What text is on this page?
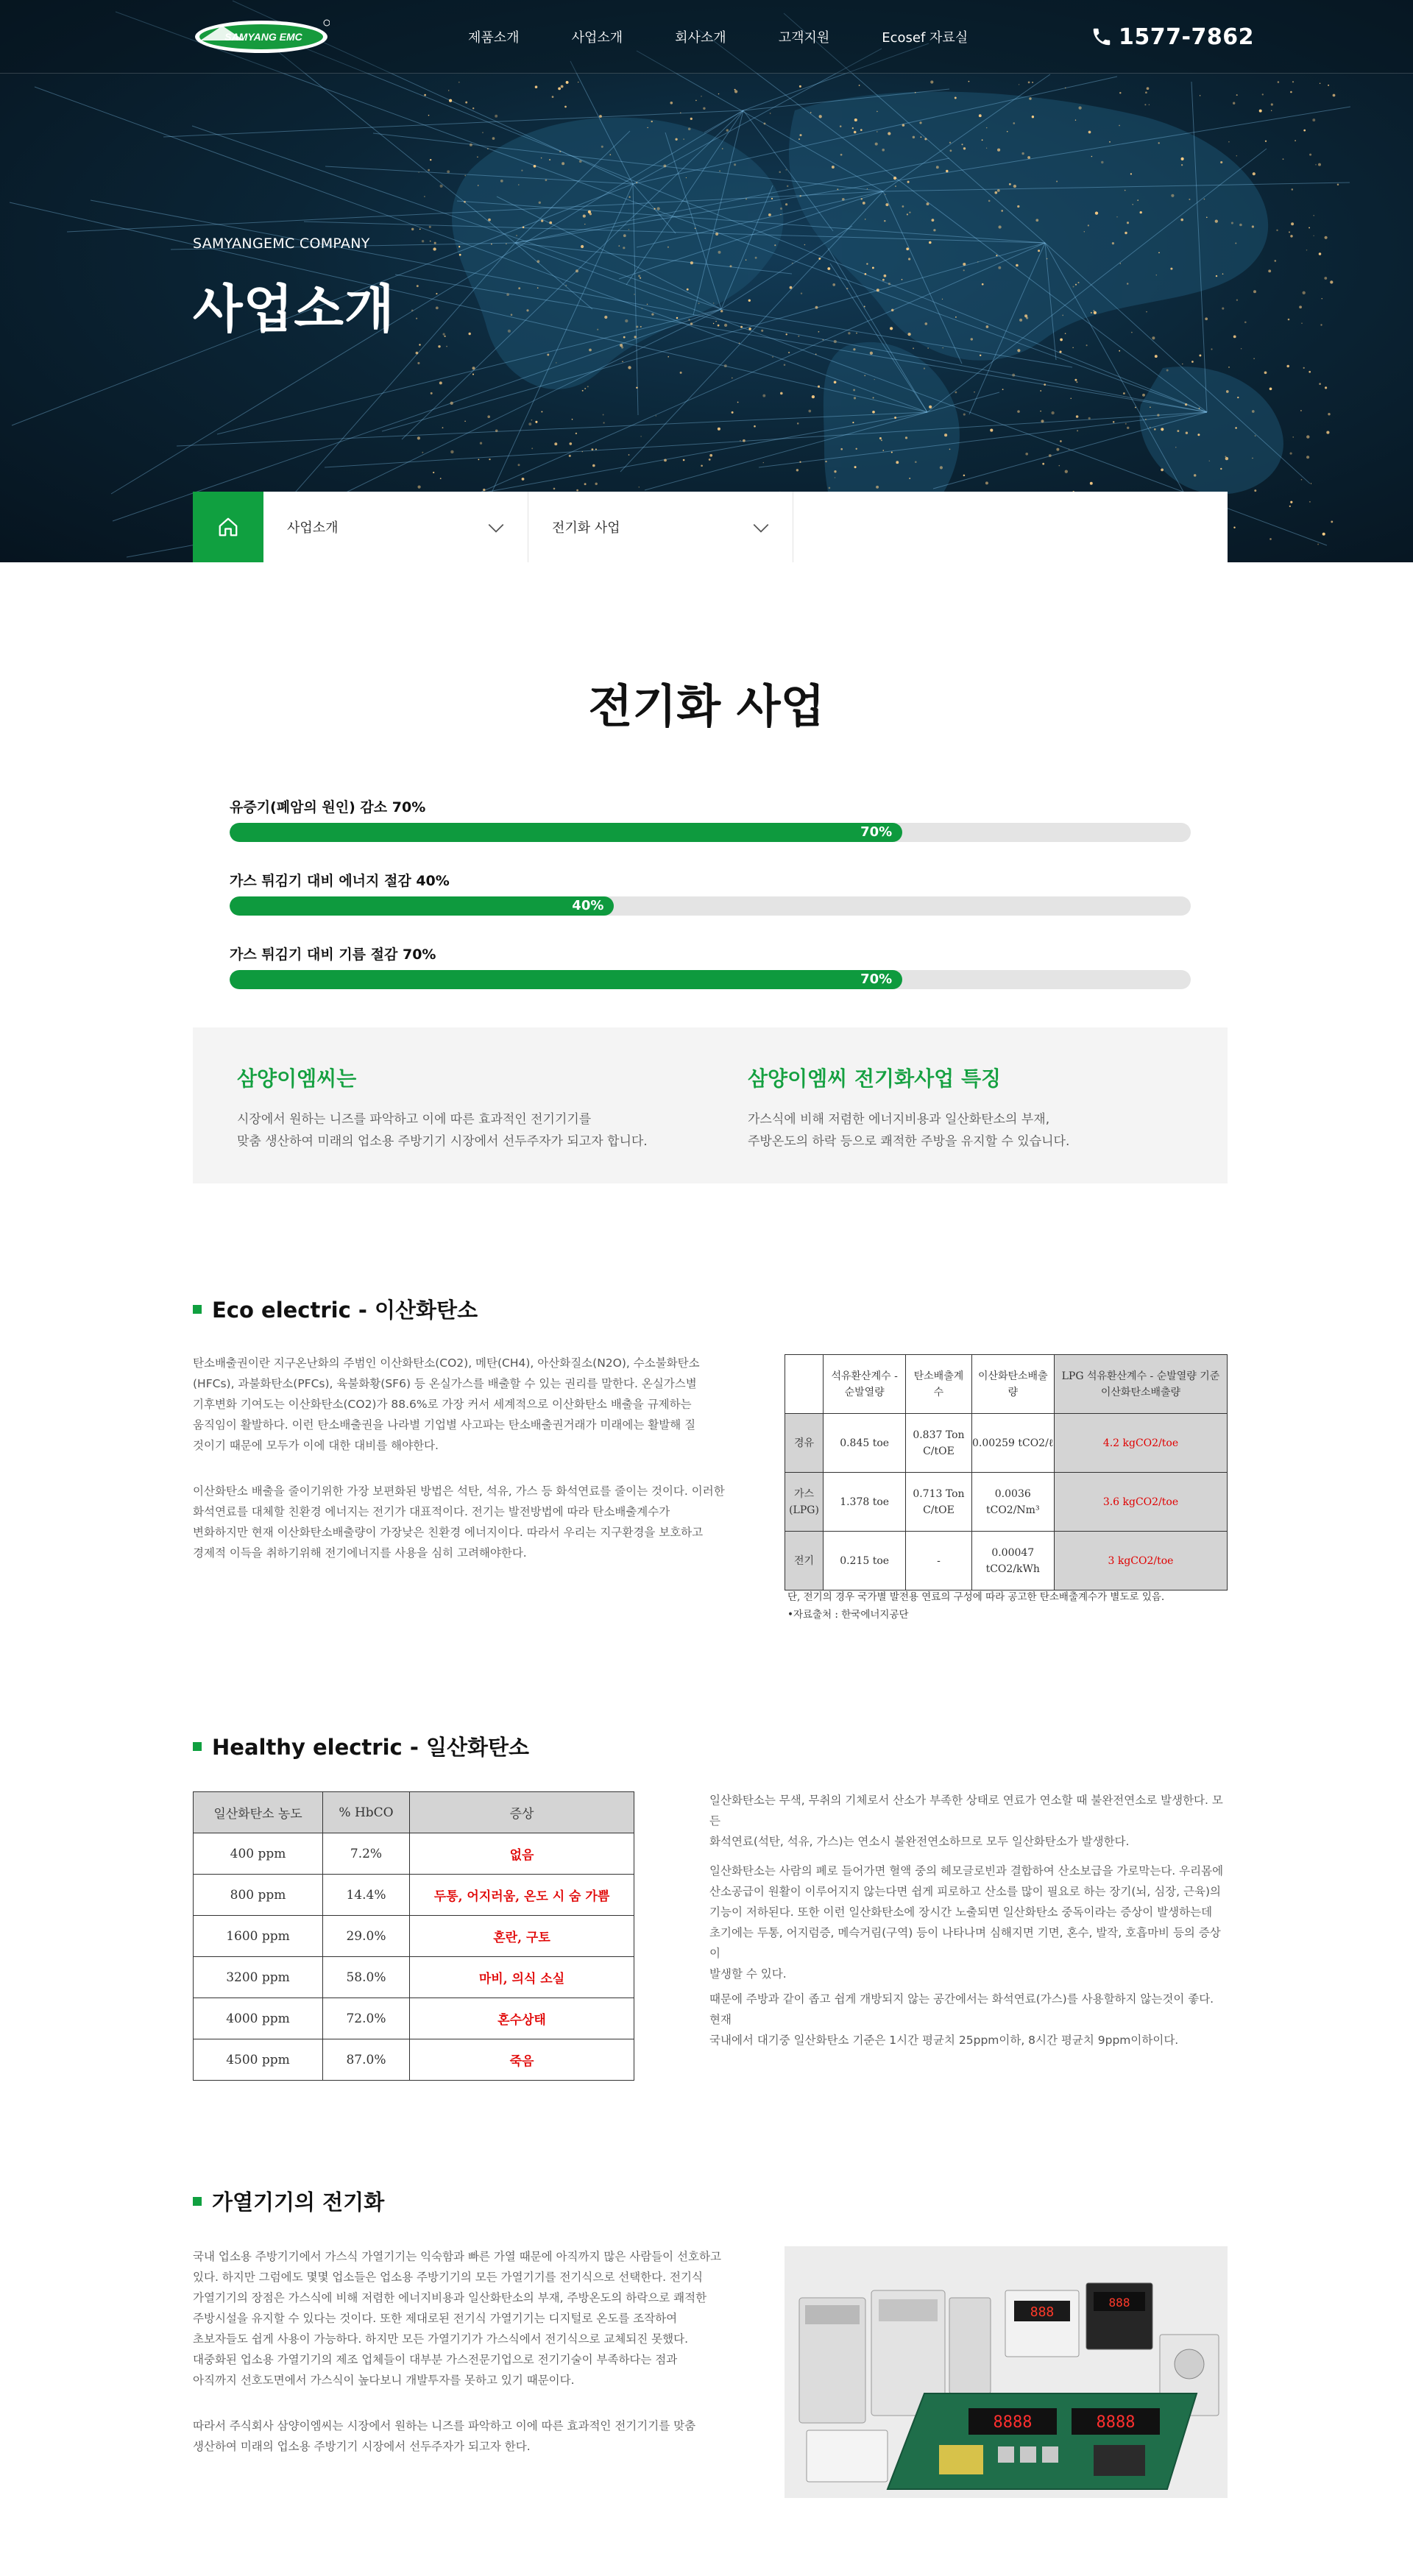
SAMYANG EMC	제품소개	사업소개	회사소개	고객지원	Ecosef 자료실	1577-7862
SAMYANGEMC COMPANY
사업소개
사업소개	전기화 사업
전기화 사업
유증기(폐암의 원인) 감소 70%
70%
가스 튀김기 대비 에너지 절감 40%
40%
가스 튀김기 대비 기름 절감 70%
70%
삼양이엠씨는

시장에서 원하는 니즈를 파악하고 이에 따른 효과적인 전기기기를

맞춤 생산하여 미래의 업소용 주방기기 시장에서 선두주자가 되고자 합니다.

삼양이엠씨 전기화사업 특징

가스식에 비해 저렴한 에너지비용과 일산화탄소의 부재,

주방온도의 하락 등으로 쾌적한 주방을 유지할 수 있습니다.

Eco electric - 이산화탄소
탄소배출권이란 지구온난화의 주범인 이산화탄소(CO2), 메탄(CH4), 아산화질소(N2O), 수소불화탄소
(HFCs), 과불화탄소(PFCs), 육불화황(SF6) 등 온실가스를 배출할 수 있는 권리를 말한다. 온실가스별
기후변화 기여도는 이산화탄소(CO2)가 88.6%로 가장 커서 세계적으로 이산화탄소 배출을 규제하는
움직임이 활발하다. 이런 탄소배출권을 나라별 기업별 사고파는 탄소배출권거래가 미래에는 활발해 질
것이기 때문에 모두가 이에 대한 대비를 해야한다.
이산화탄소 배출을 줄이기위한 가장 보편화된 방법은 석탄, 석유, 가스 등 화석연료를 줄이는 것이다. 이러한
화석연료를 대체할 친환경 에너지는 전기가 대표적이다. 전기는 발전방법에 따라 탄소배출계수가
변화하지만 현재 이산화탄소배출량이 가장낮은 친환경 에너지이다. 따라서 우리는 지구환경을 보호하고
경제적 이득을 취하기위해 전기에너지를 사용을 심히 고려해야한다.
	석유환산계수 - 순발열량	탄소배출계수	이산화탄소배출량	LPG 석유환산계수 - 순발열량 기준 이산화탄소배출량
경유	0.845 toe	0.837 Ton C/tOE	0.00259 tCO2/ℓ	4.2 kgCO2/toe
가스 (LPG)	1.378 toe	0.713 Ton C/tOE	0.0036 tCO2/Nm³	3.6 kgCO2/toe
전기	0.215 toe	-	0.00047 tCO2/kWh	3 kgCO2/toe
단, 전기의 경우 국가별 발전용 연료의 구성에 따라 공고한 탄소배출계수가 별도로 있음.
•자료출처 : 한국에너지공단
Healthy electric - 일산화탄소
일산화탄소 농도	% HbCO	증상
400 ppm	7.2%	없음
800 ppm	14.4%	두통, 어지러움, 온도 시 숨 가쁨
1600 ppm	29.0%	혼란, 구토
3200 ppm	58.0%	마비, 의식 소실
4000 ppm	72.0%	혼수상태
4500 ppm	87.0%	죽음
일산화탄소는 무색, 무취의 기체로서 산소가 부족한 상태로 연료가 연소할 때 불완전연소로 발생한다. 모든
화석연료(석탄, 석유, 가스)는 연소시 불완전연소하므로 모두 일산화탄소가 발생한다.
일산화탄소는 사람의 폐로 들어가면 혈액 중의 헤모글로빈과 결합하여 산소보급을 가로막는다. 우리몸에
산소공급이 원활이 이루어지지 않는다면 쉽게 피로하고 산소를 많이 필요로 하는 장기(뇌, 심장, 근육)의
기능이 저하된다. 또한 이런 일산화탄소에 장시간 노출되면 일산화탄소 중독이라는 증상이 발생하는데
초기에는 두통, 어지럼증, 메슥거림(구역) 등이 나타나며 심해지면 기면, 혼수, 발작, 호흡마비 등의 증상이
발생할 수 있다.
때문에 주방과 같이 좁고 쉽게 개방되지 않는 공간에서는 화석연료(가스)를 사용할하지 않는것이 좋다. 현재
국내에서 대기중 일산화탄소 기준은 1시간 평균치 25ppm이하, 8시간 평균치 9ppm이하이다.
가열기기의 전기화
국내 업소용 주방기기에서 가스식 가열기기는 익숙함과 빠른 가열 때문에 아직까지 많은 사람들이 선호하고
있다. 하지만 그럼에도 몇몇 업소들은 업소용 주방기기의 모든 가열기기를 전기식으로 선택한다. 전기식
가열기기의 장점은 가스식에 비해 저렴한 에너지비용과 일산화탄소의 부재, 주방온도의 하락으로 쾌적한
주방시설을 유지할 수 있다는 것이다. 또한 제대로된 전기식 가열기기는 디지털로 온도를 조작하여
초보자들도 쉽게 사용이 가능하다. 하지만 모든 가열기기가 가스식에서 전기식으로 교체되진 못했다.
대중화된 업소용 가열기기의 제조 업체들이 대부분 가스전문기업으로 전기기술이 부족하다는 점과
아직까지 선호도면에서 가스식이 높다보니 개발투자를 못하고 있기 때문이다.
따라서 주식회사 삼양이엠씨는 시장에서 원하는 니즈를 파악하고 이에 따른 효과적인 전기기기를 맞춤
생산하여 미래의 업소용 주방기기 시장에서 선두주자가 되고자 한다.
888
888
8888	8888
